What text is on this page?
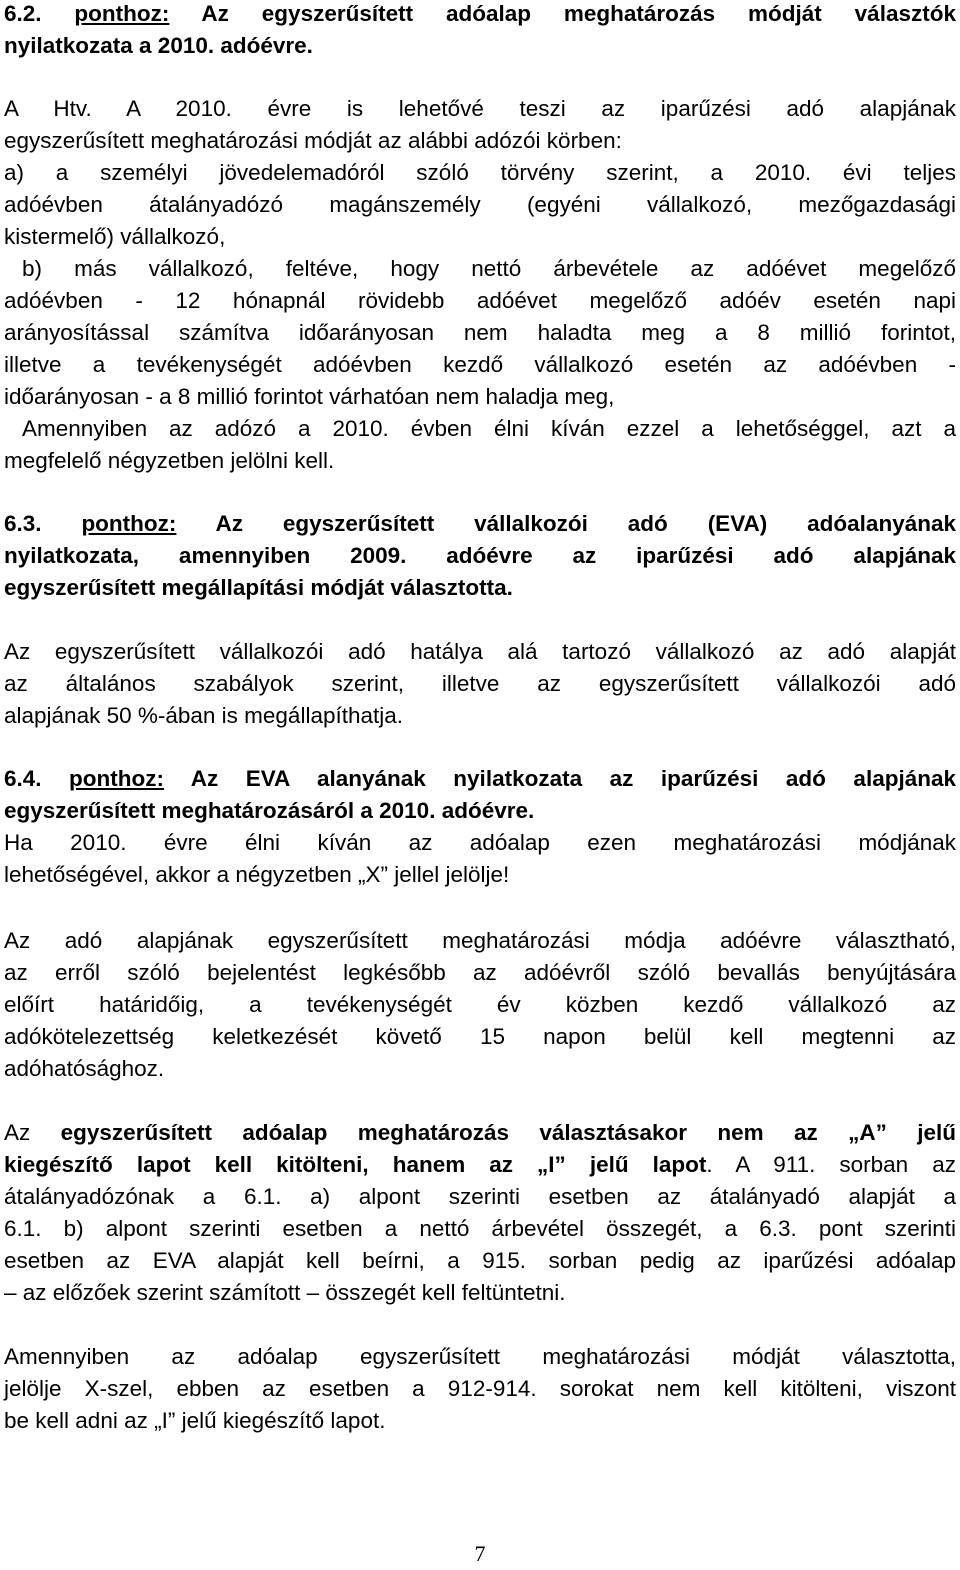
6.2. ponthoz: Az egyszerűsített adóalap meghatározás módját választók
nyilatkozata a 2010. adóévre.
A Htv. A 2010. évre is lehetővé teszi az iparűzési adó alapjának
egyszerűsített meghatározási módját az alábbi adózói körben:
a) a személyi jövedelemadóról szóló törvény szerint, a 2010. évi teljes
adóévben átalányadózó magánszemély (egyéni vállalkozó, mezőgazdasági
kistermelő) vállalkozó,
b) más vállalkozó, feltéve, hogy nettó árbevétele az adóévet megelőző
adóévben - 12 hónapnál rövidebb adóévet megelőző adóév esetén napi
arányosítással számítva időarányosan nem haladta meg a 8 millió forintot,
illetve a tevékenységét adóévben kezdő vállalkozó esetén az adóévben -
időarányosan - a 8 millió forintot várhatóan nem haladja meg,
Amennyiben az adózó a 2010. évben élni kíván ezzel a lehetőséggel, azt a
megfelelő négyzetben jelölni kell.
6.3. ponthoz: Az egyszerűsített vállalkozói adó (EVA) adóalanyának
nyilatkozata, amennyiben 2009. adóévre az iparűzési adó alapjának
egyszerűsített megállapítási módját választotta.
Az egyszerűsített vállalkozói adó hatálya alá tartozó vállalkozó az adó alapját
az általános szabályok szerint, illetve az egyszerűsített vállalkozói adó
alapjának 50 %-ában is megállapíthatja.
6.4. ponthoz: Az EVA alanyának nyilatkozata az iparűzési adó alapjának
egyszerűsített meghatározásáról a 2010. adóévre.
Ha 2010. évre élni kíván az adóalap ezen meghatározási módjának
lehetőségével, akkor a négyzetben „X” jellel jelölje!
Az adó alapjának egyszerűsített meghatározási módja adóévre választható,
az erről szóló bejelentést legkésőbb az adóévről szóló bevallás benyújtására
előírt határidőig, a tevékenységét év közben kezdő vállalkozó az
adókötelezettség keletkezését követő 15 napon belül kell megtenni az
adóhatósághoz.
Az egyszerűsített adóalap meghatározás választásakor nem az „A” jelű
kiegészítő lapot kell kitölteni, hanem az „I” jelű lapot. A 911. sorban az
átalányadózónak a 6.1. a) alpont szerinti esetben az átalányadó alapját a
6.1. b) alpont szerinti esetben a nettó árbevétel összegét, a 6.3. pont szerinti
esetben az EVA alapját kell beírni, a 915. sorban pedig az iparűzési adóalap
– az előzőek szerint számított – összegét kell feltüntetni.
Amennyiben az adóalap egyszerűsített meghatározási módját választotta,
jelölje X-szel, ebben az esetben a 912-914. sorokat nem kell kitölteni, viszont
be kell adni az „I” jelű kiegészítő lapot.
7
